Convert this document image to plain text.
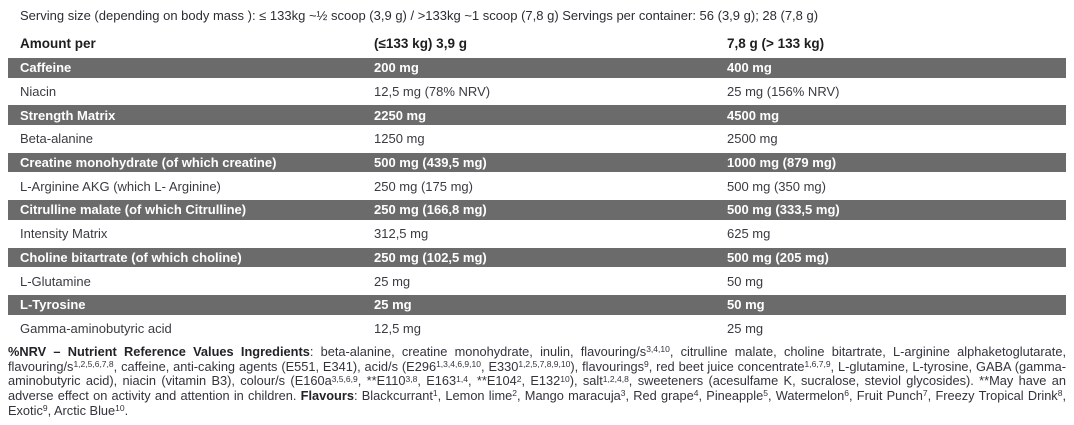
Serving size (depending on body mass ): ≤ 133kg ~½ scoop (3,9 g) / >133kg ~1 scoop (7,8 g) Servings per container: 56 (3,9 g); 28 (7,8 g)
Amount per	(≤133 kg) 3,9 g	7,8 g (> 133 kg)
Caffeine	200 mg	400 mg
Niacin	12,5 mg (78% NRV)	25 mg (156% NRV)
Strength Matrix	2250 mg	4500 mg
Beta-alanine	1250 mg	2500 mg
Creatine monohydrate (of which creatine)	500 mg (439,5 mg)	1000 mg (879 mg)
L-Arginine AKG (which L- Arginine)	250 mg (175 mg)	500 mg (350 mg)
Citrulline malate (of which Citrulline)	250 mg (166,8 mg)	500 mg (333,5 mg)
Intensity Matrix	312,5 mg	625 mg
Choline bitartrate (of which choline)	250 mg (102,5 mg)	500 mg (205 mg)
L-Glutamine	25 mg	50 mg
L-Tyrosine	25 mg	50 mg
Gamma-aminobutyric acid	12,5 mg	25 mg

%NRV – Nutrient Reference Values Ingredients: beta-alanine, creatine monohydrate, inulin, flavouring/$s^{3,4,10}$, citrulline malate, choline bitartrate, L-arginine alphaketoglutarate, flavouring/$s^{1,2,5,6,7,8}$, caffeine, anti-caking agents (E551, E341), acid/s (E296$^{1,3,4,6,9,10}$, E330$^{1,2,5,7,8,9,10}$), flavourings$^9$, red beet juice concentrate$^{1,6,7,9}$, L-glutamine, L-tyrosine, GABA (gamma-aminobutyric acid), niacin (vitamin B3), colour/s ($E160a^{3,5,6,9}$, **E110$^{3,8}$, E163$^{1,4}$, $**E104^2$, $E132^{10}$), salt$^{1,2,4,8}$, sweeteners (acesulfame K, sucralose, steviol glycosides). **May have an adverse effect on activity and attention in children. Flavours: Blackcurrant$^1$, Lemon lime$^2$, Mango maracuja$^3$, Red grape$^4$, Pineapple$^5$, Watermelon$^6$, Fruit Punch$^7$, Freezy Tropical Drink$^8$, Exotic$^9$, Arctic Blue$^{10}$.
